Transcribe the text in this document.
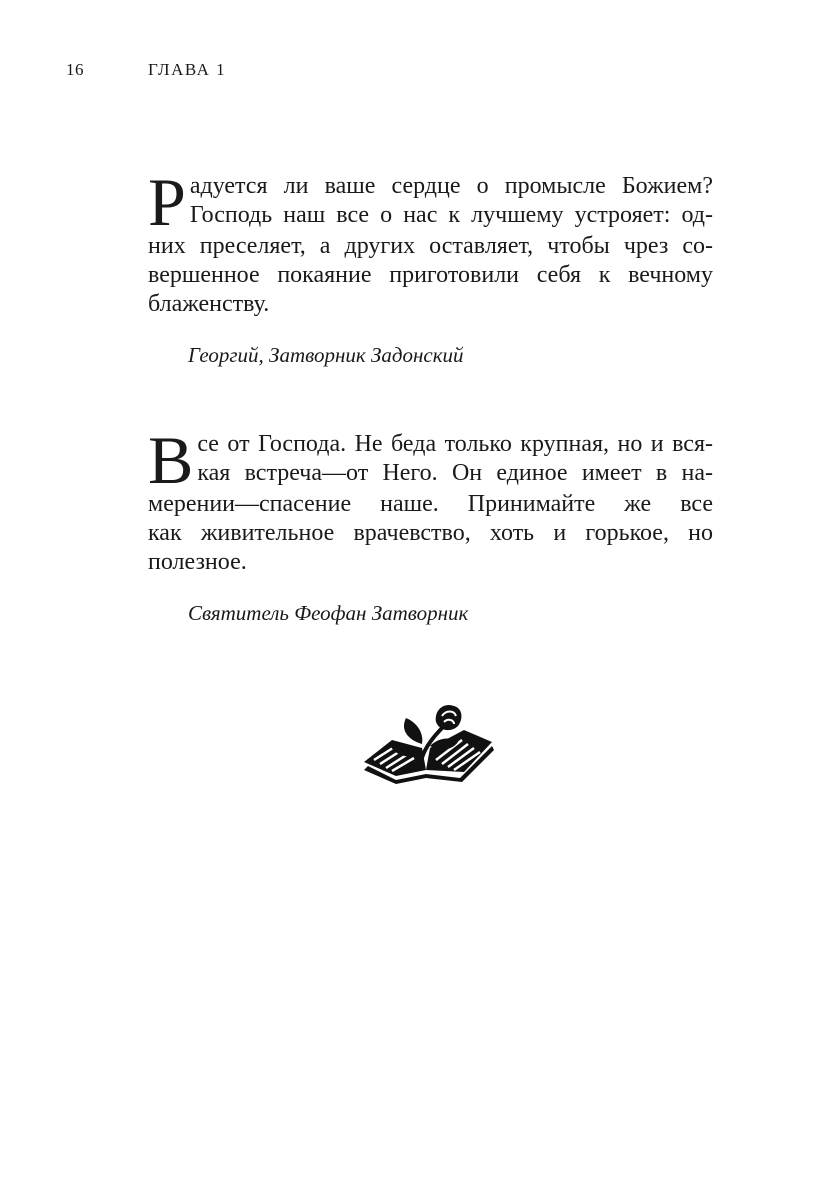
16	ГЛАВА 1
Р адуется ли ваше сердце о промысле Божием?
Господь наш все о нас к лучшему устрояет: од-
них преселяет, а других оставляет, чтобы чрез со-
вершенное покаяние приготовили себя к вечному
блаженству.
Георгий, Затворник Задонский
В се от Господа. Не беда только крупная, но и вся-
кая встреча—от Него. Он единое имеет в на-
мерении—спасение наше. Принимайте же все
как живительное врачевство, хоть и горькое, но
полезное.
Святитель Феофан Затворник
